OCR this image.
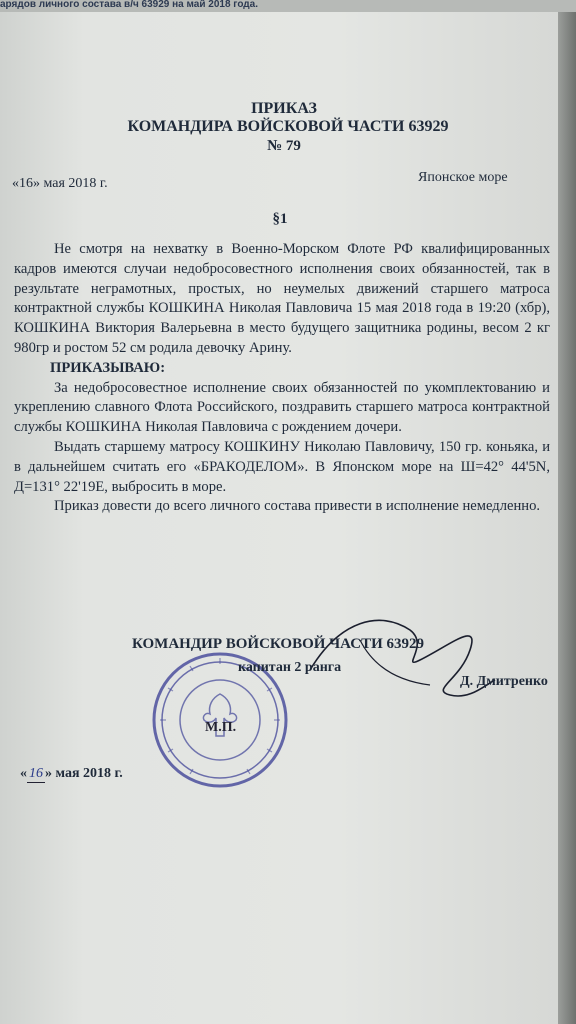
арядов личного состава в/ч 63929 на май 2018 года.
ПРИКАЗ
КОМАНДИРА ВОЙСКОВОЙ ЧАСТИ 63929
№ 79
«16» мая 2018 г.	Японское море
§1

Не смотря на нехватку в Военно-Морском Флоте РФ квалифицированных кадров имеются случаи недобросовестного исполнения своих обязанностей, так в результате неграмотных, простых, но неумелых движений старшего матроса контрактной службы КОШКИНА Николая Павловича 15 мая 2018 года в 19:20 (хбр), КОШКИНА Виктория Валерьевна в место будущего защитника родины, весом 2 кг 980гр и ростом 52 см родила девочку Арину.

ПРИКАЗЫВАЮ:

За недобросовестное исполнение своих обязанностей по укомплектованию и укреплению славного Флота Российского, поздравить старшего матроса контрактной службы КОШКИНА Николая Павловича с рождением дочери.

Выдать старшему матросу КОШКИНУ Николаю Павловичу, 150 гр. коньяка, и в дальнейшем считать его «БРАКОДЕЛОМ». В Японском море на Ш=42° 44'5N, Д=131° 22'19E, выбросить в море.

Приказ довести до всего личного состава привести в исполнение немедленно.

М.П.
КОМАНДИР ВОЙСКОВОЙ ЧАСТИ 63929
капитан 2 ранга
Д. Дмитренко
« 16 » мая 2018 г.
